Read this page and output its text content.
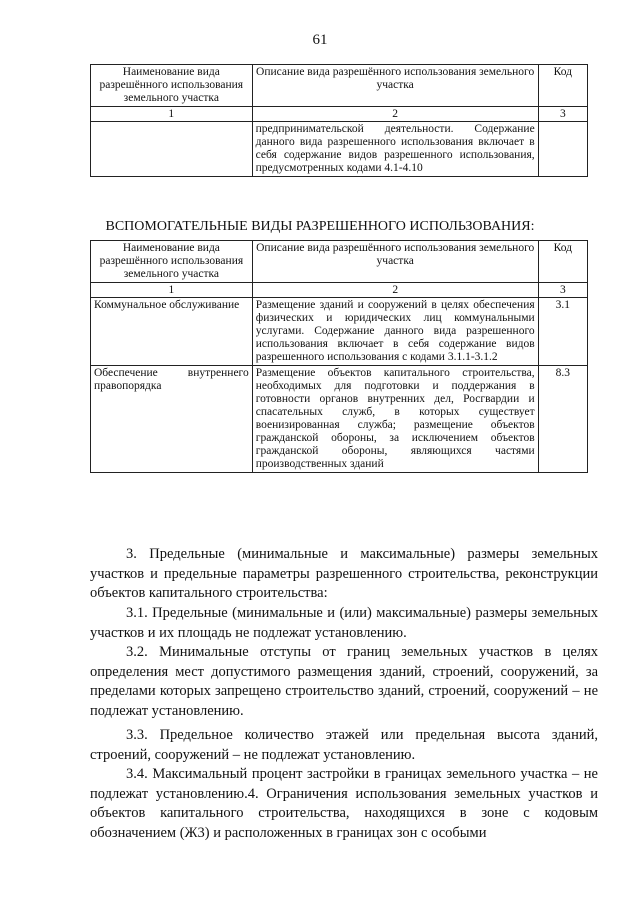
61
Наименование вида разрешённого использования земельного участка	Описание вида разрешённого использования земельного участка	Код
1	2	3
	предпринимательской деятельности. Содержание данного вида разрешенного использования включает в себя содержание видов разрешенного использования, предусмотренных кодами 4.1-4.10	
ВСПОМОГАТЕЛЬНЫЕ ВИДЫ РАЗРЕШЕННОГО ИСПОЛЬЗОВАНИЯ:
Наименование вида разрешённого использования земельного участка	Описание вида разрешённого использования земельного участка	Код
1	2	3
Коммунальное обслуживание	Размещение зданий и сооружений в целях обеспечения физических и юридических лиц коммунальными услугами. Содержание данного вида разрешенного использования включает в себя содержание видов разрешенного использования с кодами 3.1.1-3.1.2	3.1
Обеспечение внутреннего правопорядка	Размещение объектов капитального строительства, необходимых для подготовки и поддержания в готовности органов внутренних дел, Росгвардии и спасательных служб, в которых существует военизированная служба; размещение объектов гражданской обороны, за исключением объектов гражданской обороны, являющихся частями производственных зданий	8.3

3. Предельные (минимальные и максимальные) размеры земельных участков и предельные параметры разрешенного строительства, реконструкции объектов капитального строительства:

3.1. Предельные (минимальные и (или) максимальные) размеры земельных участков и их площадь не подлежат установлению.

3.2. Минимальные отступы от границ земельных участков в целях определения мест допустимого размещения зданий, строений, сооружений, за пределами которых запрещено строительство зданий, строений, сооружений – не подлежат установлению.

3.3. Предельное количество этажей или предельная высота зданий, строений, сооружений – не подлежат установлению.

3.4. Максимальный процент застройки в границах земельного участка – не подлежат установлению.4. Ограничения использования земельных участков и объектов капитального строительства, находящихся в зоне с кодовым обозначением (Ж3) и расположенных в границах зон с особыми
